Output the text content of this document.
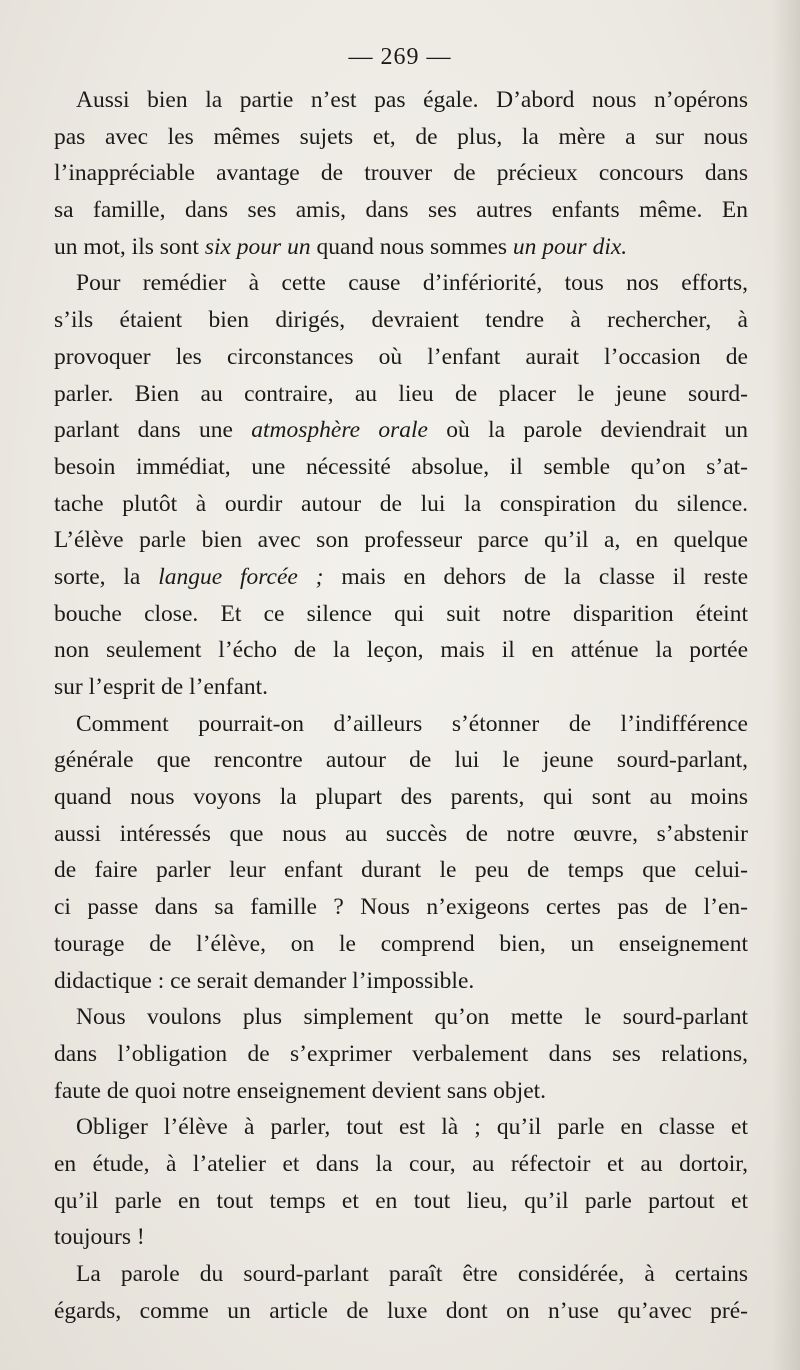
— 269 —
Aussi bien la partie n’est pas égale. D’abord nous n’opérons
pas avec les mêmes sujets et, de plus, la mère a sur nous
l’inappréciable avantage de trouver de précieux concours dans
sa famille, dans ses amis, dans ses autres enfants même. En
un mot, ils sont six pour un quand nous sommes un pour dix.
Pour remédier à cette cause d’infériorité, tous nos efforts,
s’ils étaient bien dirigés, devraient tendre à rechercher, à
provoquer les circonstances où l’enfant aurait l’occasion de
parler. Bien au contraire, au lieu de placer le jeune sourd-
parlant dans une atmosphère orale où la parole deviendrait un
besoin immédiat, une nécessité absolue, il semble qu’on s’at-
tache plutôt à ourdir autour de lui la conspiration du silence.
L’élève parle bien avec son professeur parce qu’il a, en quelque
sorte, la langue forcée ; mais en dehors de la classe il reste
bouche close. Et ce silence qui suit notre disparition éteint
non seulement l’écho de la leçon, mais il en atténue la portée
sur l’esprit de l’enfant.
Comment pourrait-on d’ailleurs s’étonner de l’indifférence
générale que rencontre autour de lui le jeune sourd-parlant,
quand nous voyons la plupart des parents, qui sont au moins
aussi intéressés que nous au succès de notre œuvre, s’abstenir
de faire parler leur enfant durant le peu de temps que celui-
ci passe dans sa famille ? Nous n’exigeons certes pas de l’en-
tourage de l’élève, on le comprend bien, un enseignement
didactique : ce serait demander l’impossible.
Nous voulons plus simplement qu’on mette le sourd-parlant
dans l’obligation de s’exprimer verbalement dans ses relations,
faute de quoi notre enseignement devient sans objet.
Obliger l’élève à parler, tout est là ; qu’il parle en classe et
en étude, à l’atelier et dans la cour, au réfectoir et au dortoir,
qu’il parle en tout temps et en tout lieu, qu’il parle partout et
toujours !
La parole du sourd-parlant paraît être considérée, à certains
égards, comme un article de luxe dont on n’use qu’avec pré-
